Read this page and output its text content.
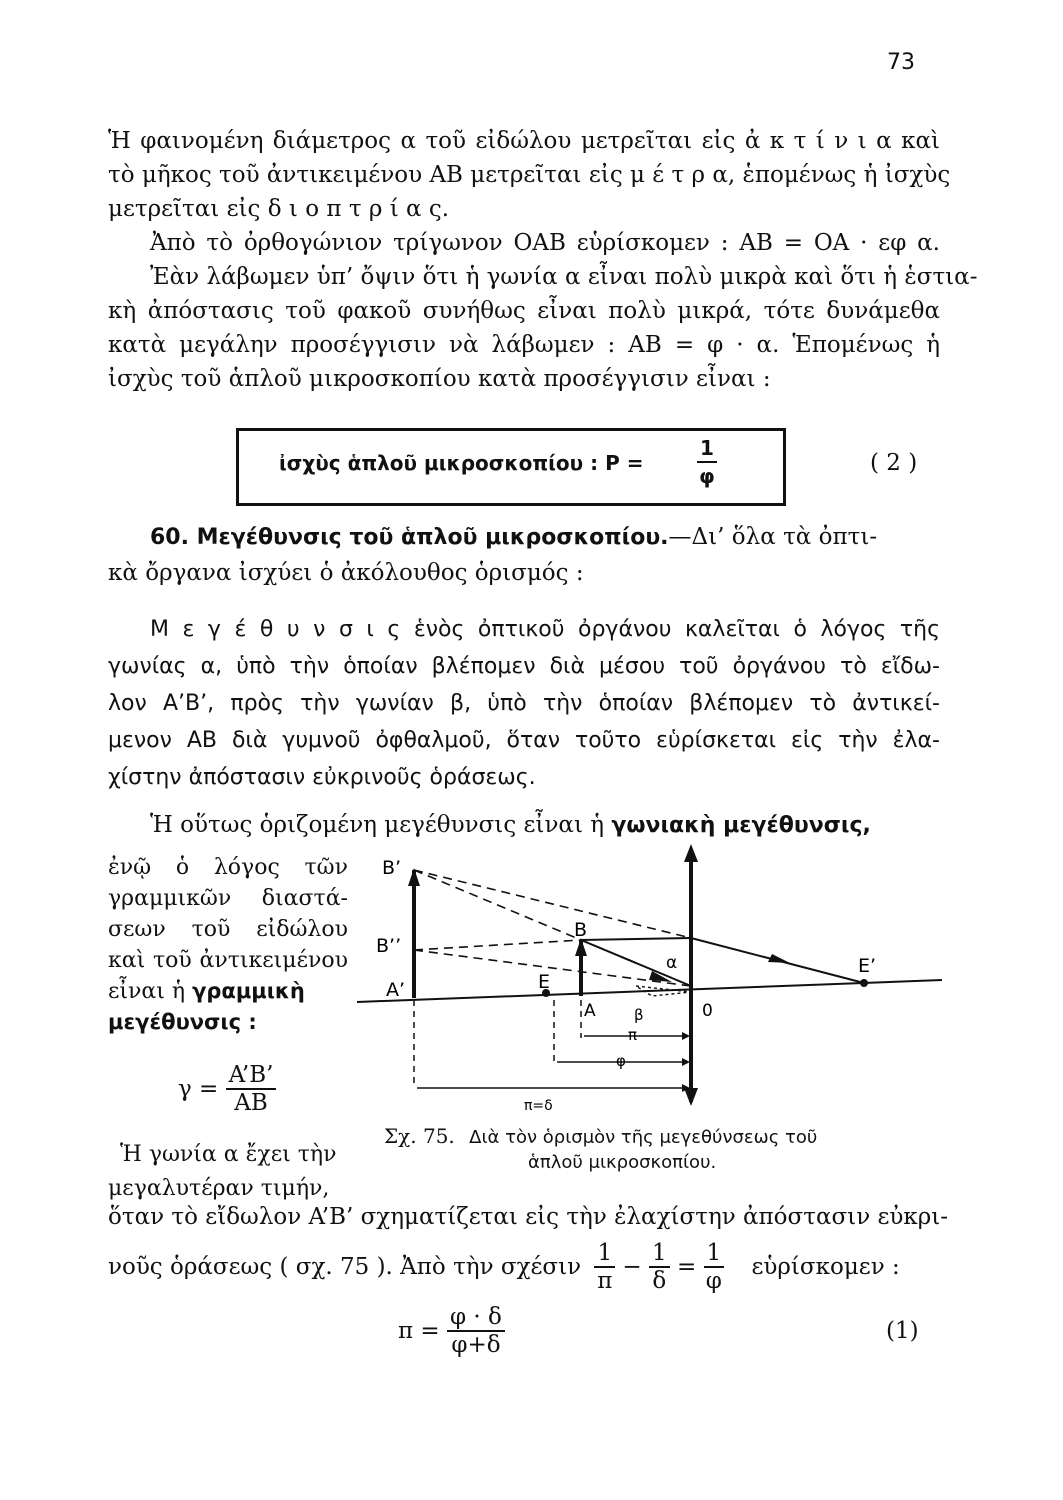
73
Ἡ φαινομένη διάμετρος α τοῦ εἰδώλου μετρεῖται εἰς ἀ κ τ ί ν ι α καὶ
τὸ μῆκος τοῦ ἀντικειμένου AB μετρεῖται εἰς μ έ τ ρ α, ἑπομένως ἡ ἰσχὺς
μετρεῖται εἰς δ ι ο π τ ρ ί α ς.
Ἀπὸ τὸ ὀρθογώνιον τρίγωνον OAB εὑρίσκομεν : AB = OA · εφ α.
Ἐὰν λάβωμεν ὑπ’ ὄψιν ὅτι ἡ γωνία α εἶναι πολὺ μικρὰ καὶ ὅτι ἡ ἑστια-
κὴ ἀπόστασις τοῦ φακοῦ συνήθως εἶναι πολὺ μικρά, τότε δυνάμεθα
κατὰ μεγάλην προσέγγισιν νὰ λάβωμεν : AB = φ · α. Ἑπομένως ἡ
ἰσχὺς τοῦ ἁπλοῦ μικροσκοπίου κατὰ προσέγγισιν εἶναι :
ἰσχὺς ἁπλοῦ μικροσκοπίου : P =	$\frac{1}{\varphi}$	( 2 )
60. Μεγέθυνσις τοῦ ἁπλοῦ μικροσκοπίου.—Δι’ ὅλα τὰ ὀπτι-
κὰ ὄργανα ἰσχύει ὁ ἀκόλουθος ὁρισμός :
Μ ε γ έ θ υ ν σ ι ς ἑνὸς ὀπτικοῦ ὀργάνου καλεῖται ὁ λόγος τῆς
γωνίας α, ὑπὸ τὴν ὁποίαν βλέπομεν διὰ μέσου τοῦ ὀργάνου τὸ εἴδω-
λον A’B’, πρὸς τὴν γωνίαν β, ὑπὸ τὴν ὁποίαν βλέπομεν τὸ ἀντικεί-
μενον AB διὰ γυμνοῦ ὀφθαλμοῦ, ὅταν τοῦτο εὑρίσκεται εἰς τὴν ἐλα-
χίστην ἀπόστασιν εὐκρινοῦς ὁράσεως.
Ἡ οὕτως ὁριζομένη μεγέθυνσις εἶναι ἡ γωνιακὴ μεγέθυνσις,
ἐνῷ ὁ λόγος τῶν
γραμμικῶν διαστά-
σεων τοῦ εἰδώλου
καὶ τοῦ ἀντικειμένου
εἶναι ἡ γραμμικὴ
μεγέθυνσις :
$\gamma = \frac{A’B’}{AB}$
Ἡ γωνία α ἔχει τὴν
μεγαλυτέραν τιμήν,
B’
B’’
A’
B
E
A
α
β	0
E’
π
φ
π=δ
Σχ. 75. Διὰ τὸν ὁρισμὸν τῆς μεγεθύνσεως τοῦ
ἁπλοῦ μικροσκοπίου.
ὅταν τὸ εἴδωλον A’B’ σχηματίζεται εἰς τὴν ἐλαχίστην ἀπόστασιν εὐκρι-
νοῦς ὁράσεως ( σχ. 75 ). Ἀπὸ τὴν σχέσιν $\frac{1}{\pi} - \frac{1}{\delta} = \frac{1}{\varphi}$ εὑρίσκομεν :
$\pi = \frac{\varphi \cdot \delta}{\varphi+\delta}$	(1)
